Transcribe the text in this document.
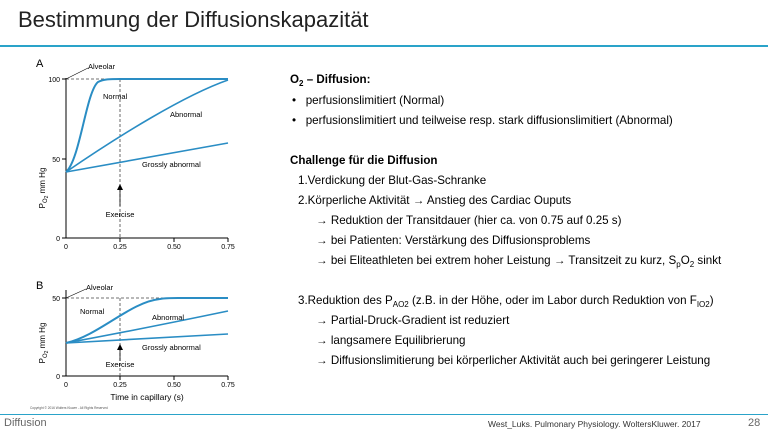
Bestimmung der Diffusionskapazität
A
$P_O2$ mm Hg
100
50
0
0	0.25	0.50	0.75
Alveolar
Normal
Abnormal
Grossly abnormal
Exercise
B
$P_O2$ mm Hg
50
0
0	0.25	0.50	0.75
Alveolar
Normal
Abnormal
Grossly abnormal
Exercise
Time in capillary (s)
Copyright © 2016 Wolters Kluwer - All Rights Reserved
$O_2$ – Diffusion:
•   perfusionslimitiert (Normal)
•   perfusionslimitiert und teilweise resp. stark diffusionslimitiert (Abnormal)
Challenge für die Diffusion
1.Verdickung der Blut-Gas-Schranke
2.Körperliche Aktivität → Anstieg des Cardiac Ouputs
→ Reduktion der Transitdauer (hier ca. von 0.75 auf 0.25 s)
→ bei Patienten: Verstärkung des Diffusionsproblems
→ bei Eliteathleten bei extrem hoher Leistung → Transitzeit zu kurz, $S_pO_2$ sinkt
3.Reduktion des $P_{AO2}$ (z.B. in der Höhe, oder im Labor durch Reduktion von $F_{IO2}$)
→ Partial-Druck-Gradient ist reduziert
→ langsamere Equilibrierung
→ Diffusionslimitierung bei körperlicher Aktivität auch bei geringerer Leistung
Diffusion	West_Luks. Pulmonary Physiology. WoltersKluwer. 2017	28
